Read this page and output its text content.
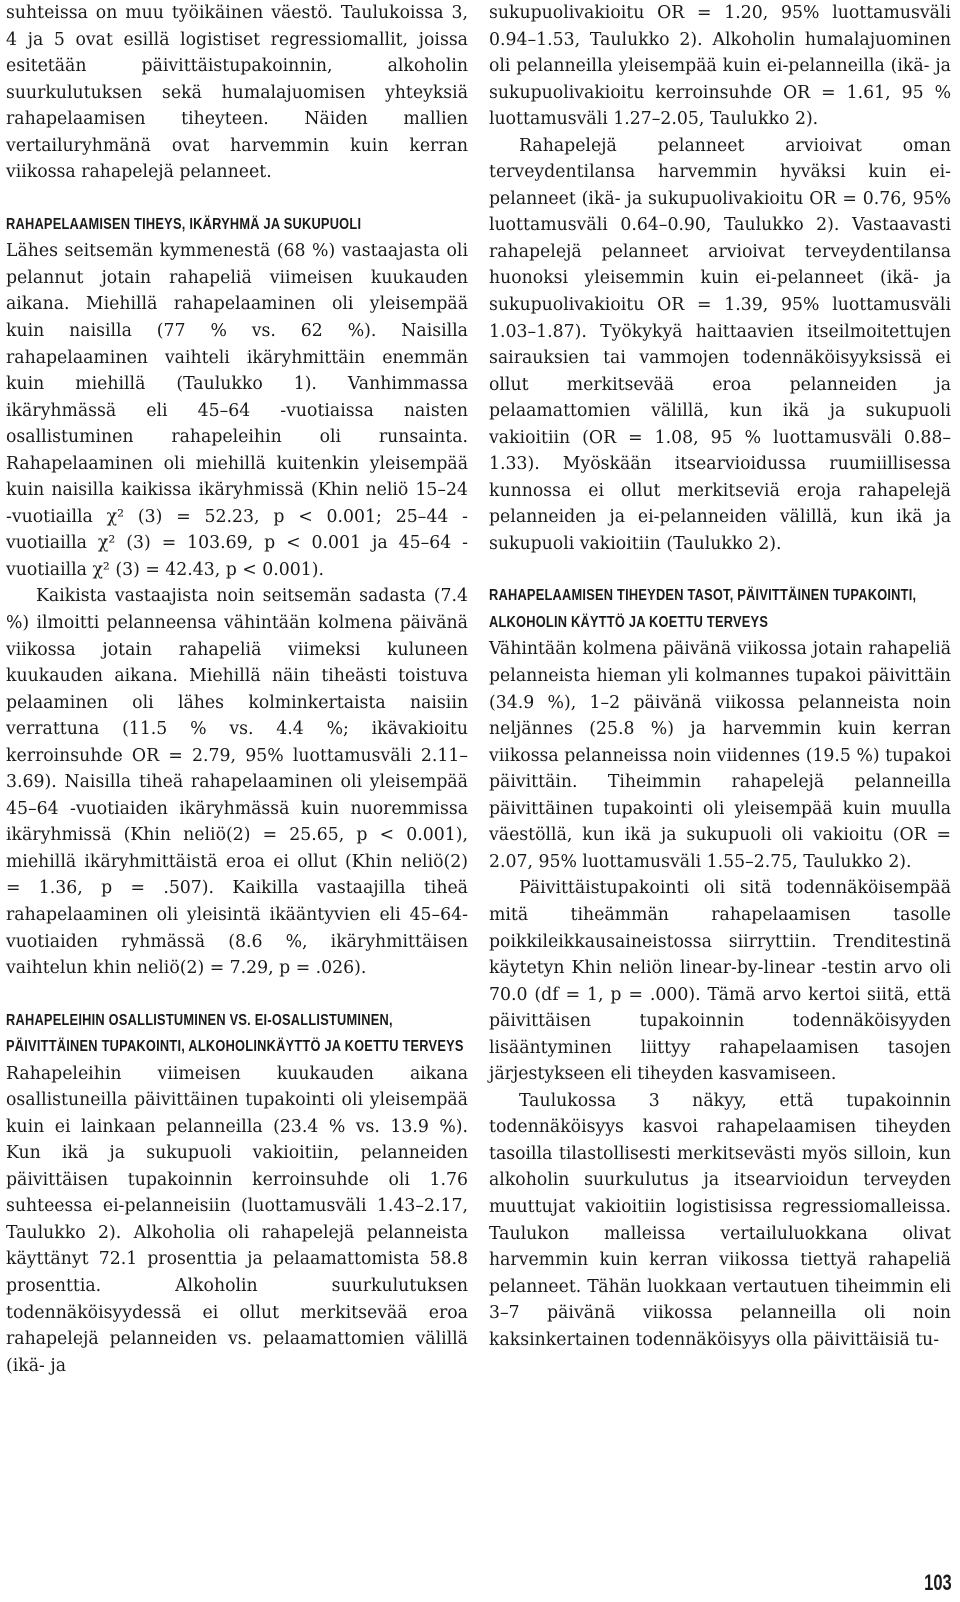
suhteissa on muu työikäinen väestö. Taulukoissa 3, 4 ja 5 ovat esillä logistiset regressiomallit, joissa esitetään päivittäistupakoinnin, alkoholin suurkulutuksen sekä humalajuomisen yhteyksiä rahapelaamisen tiheyteen. Näiden mallien vertailuryhmänä ovat harvemmin kuin kerran viikossa rahapelejä pelanneet.

RAHAPELAAMISEN TIHEYS, IKÄRYHMÄ JA SUKUPUOLI

Lähes seitsemän kymmenestä (68 %) vastaajasta oli pelannut jotain rahapeliä viimeisen kuukauden aikana. Miehillä rahapelaaminen oli yleisempää kuin naisilla (77 % vs. 62 %). Naisilla rahapelaaminen vaihteli ikäryhmittäin enemmän kuin miehillä (Taulukko 1). Vanhimmassa ikäryhmässä eli 45–64 -vuotiaissa naisten osallistuminen rahapeleihin oli runsainta. Rahapelaaminen oli miehillä kuitenkin yleisempää kuin naisilla kaikissa ikäryhmissä (Khin neliö 15–24 -vuotiailla χ² (3) = 52.23, p < 0.001; 25–44 -vuotiailla χ² (3) = 103.69, p < 0.001 ja 45–64 -vuotiailla χ² (3) = 42.43, p < 0.001).

Kaikista vastaajista noin seitsemän sadasta (7.4 %) ilmoitti pelanneensa vähintään kolmena päivänä viikossa jotain rahapeliä viimeksi kuluneen kuukauden aikana. Miehillä näin tiheästi toistuva pelaaminen oli lähes kolminkertaista naisiin verrattuna (11.5 % vs. 4.4 %; ikävakioitu kerroinsuhde OR = 2.79, 95% luottamusväli 2.11–3.69). Naisilla tiheä rahapelaaminen oli yleisempää 45–64 -vuotiaiden ikäryhmässä kuin nuoremmissa ikäryhmissä (Khin neliö(2) = 25.65, p < 0.001), miehillä ikäryhmittäistä eroa ei ollut (Khin neliö(2) = 1.36, p = .507). Kaikilla vastaajilla tiheä rahapelaaminen oli yleisintä ikääntyvien eli 45–64-vuotiaiden ryhmässä (8.6 %, ikäryhmittäisen vaihtelun khin neliö(2) = 7.29, p = .026).

RAHAPELEIHIN OSALLISTUMINEN VS. EI-OSALLISTUMINEN, PÄIVITTÄINEN TUPAKOINTI, ALKOHOLINKÄYTTÖ JA KOETTU TERVEYS

Rahapeleihin viimeisen kuukauden aikana osallistuneilla päivittäinen tupakointi oli yleisempää kuin ei lainkaan pelanneilla (23.4 % vs. 13.9 %). Kun ikä ja sukupuoli vakioitiin, pelanneiden päivittäisen tupakoinnin kerroinsuhde oli 1.76 suhteessa ei-pelanneisiin (luottamusväli 1.43–2.17, Taulukko 2). Alkoholia oli rahapelejä pelanneista käyttänyt 72.1 prosenttia ja pelaamattomista 58.8 prosenttia. Alkoholin suurkulutuksen todennäköisyydessä ei ollut merkitsevää eroa rahapelejä pelanneiden vs. pelaamattomien välillä (ikä- ja

sukupuolivakioitu OR = 1.20, 95% luottamusväli 0.94–1.53, Taulukko 2). Alkoholin humalajuominen oli pelanneilla yleisempää kuin ei-pelanneilla (ikä- ja sukupuolivakioitu kerroinsuhde OR = 1.61, 95 % luottamusväli 1.27–2.05, Taulukko 2).

Rahapelejä pelanneet arvioivat oman terveydentilansa harvemmin hyväksi kuin ei-pelanneet (ikä- ja sukupuolivakioitu OR = 0.76, 95% luottamusväli 0.64–0.90, Taulukko 2). Vastaavasti rahapelejä pelanneet arvioivat terveydentilansa huonoksi yleisemmin kuin ei-pelanneet (ikä- ja sukupuolivakioitu OR = 1.39, 95% luottamusväli 1.03–1.87). Työkykyä haittaavien itseilmoitettujen sairauksien tai vammojen todennäköisyyksissä ei ollut merkitsevää eroa pelanneiden ja pelaamattomien välillä, kun ikä ja sukupuoli vakioitiin (OR = 1.08, 95 % luottamusväli 0.88–1.33). Myöskään itsearvioidussa ruumiillisessa kunnossa ei ollut merkitseviä eroja rahapelejä pelanneiden ja ei-pelanneiden välillä, kun ikä ja sukupuoli vakioitiin (Taulukko 2).

RAHAPELAAMISEN TIHEYDEN TASOT, PÄIVITTÄINEN TUPAKOINTI, ALKOHOLIN KÄYTTÖ JA KOETTU TERVEYS

Vähintään kolmena päivänä viikossa jotain rahapeliä pelanneista hieman yli kolmannes tupakoi päivittäin (34.9 %), 1–2 päivänä viikossa pelanneista noin neljännes (25.8 %) ja harvemmin kuin kerran viikossa pelanneissa noin viidennes (19.5 %) tupakoi päivittäin. Tiheimmin rahapelejä pelanneilla päivittäinen tupakointi oli yleisempää kuin muulla väestöllä, kun ikä ja sukupuoli oli vakioitu (OR = 2.07, 95% luottamusväli 1.55–2.75, Taulukko 2).

Päivittäistupakointi oli sitä todennäköisempää mitä tiheämmän rahapelaamisen tasolle poikkileikkausaineistossa siirryttiin. Trenditestinä käytetyn Khin neliön linear-by-linear -testin arvo oli 70.0 (df = 1, p = .000). Tämä arvo kertoi siitä, että päivittäisen tupakoinnin todennäköisyyden lisääntyminen liittyy rahapelaamisen tasojen järjestykseen eli tiheyden kasvamiseen.

Taulukossa 3 näkyy, että tupakoinnin todennäköisyys kasvoi rahapelaamisen tiheyden tasoilla tilastollisesti merkitsevästi myös silloin, kun alkoholin suurkulutus ja itsearvioidun terveyden muuttujat vakioitiin logistisissa regressiomalleissa. Taulukon malleissa vertailuluokkana olivat harvemmin kuin kerran viikossa tiettyä rahapeliä pelanneet. Tähän luokkaan vertautuen tiheimmin eli 3–7 päivänä viikossa pelanneilla oli noin kaksinkertainen todennäköisyys olla päivittäisiä tu-

103
